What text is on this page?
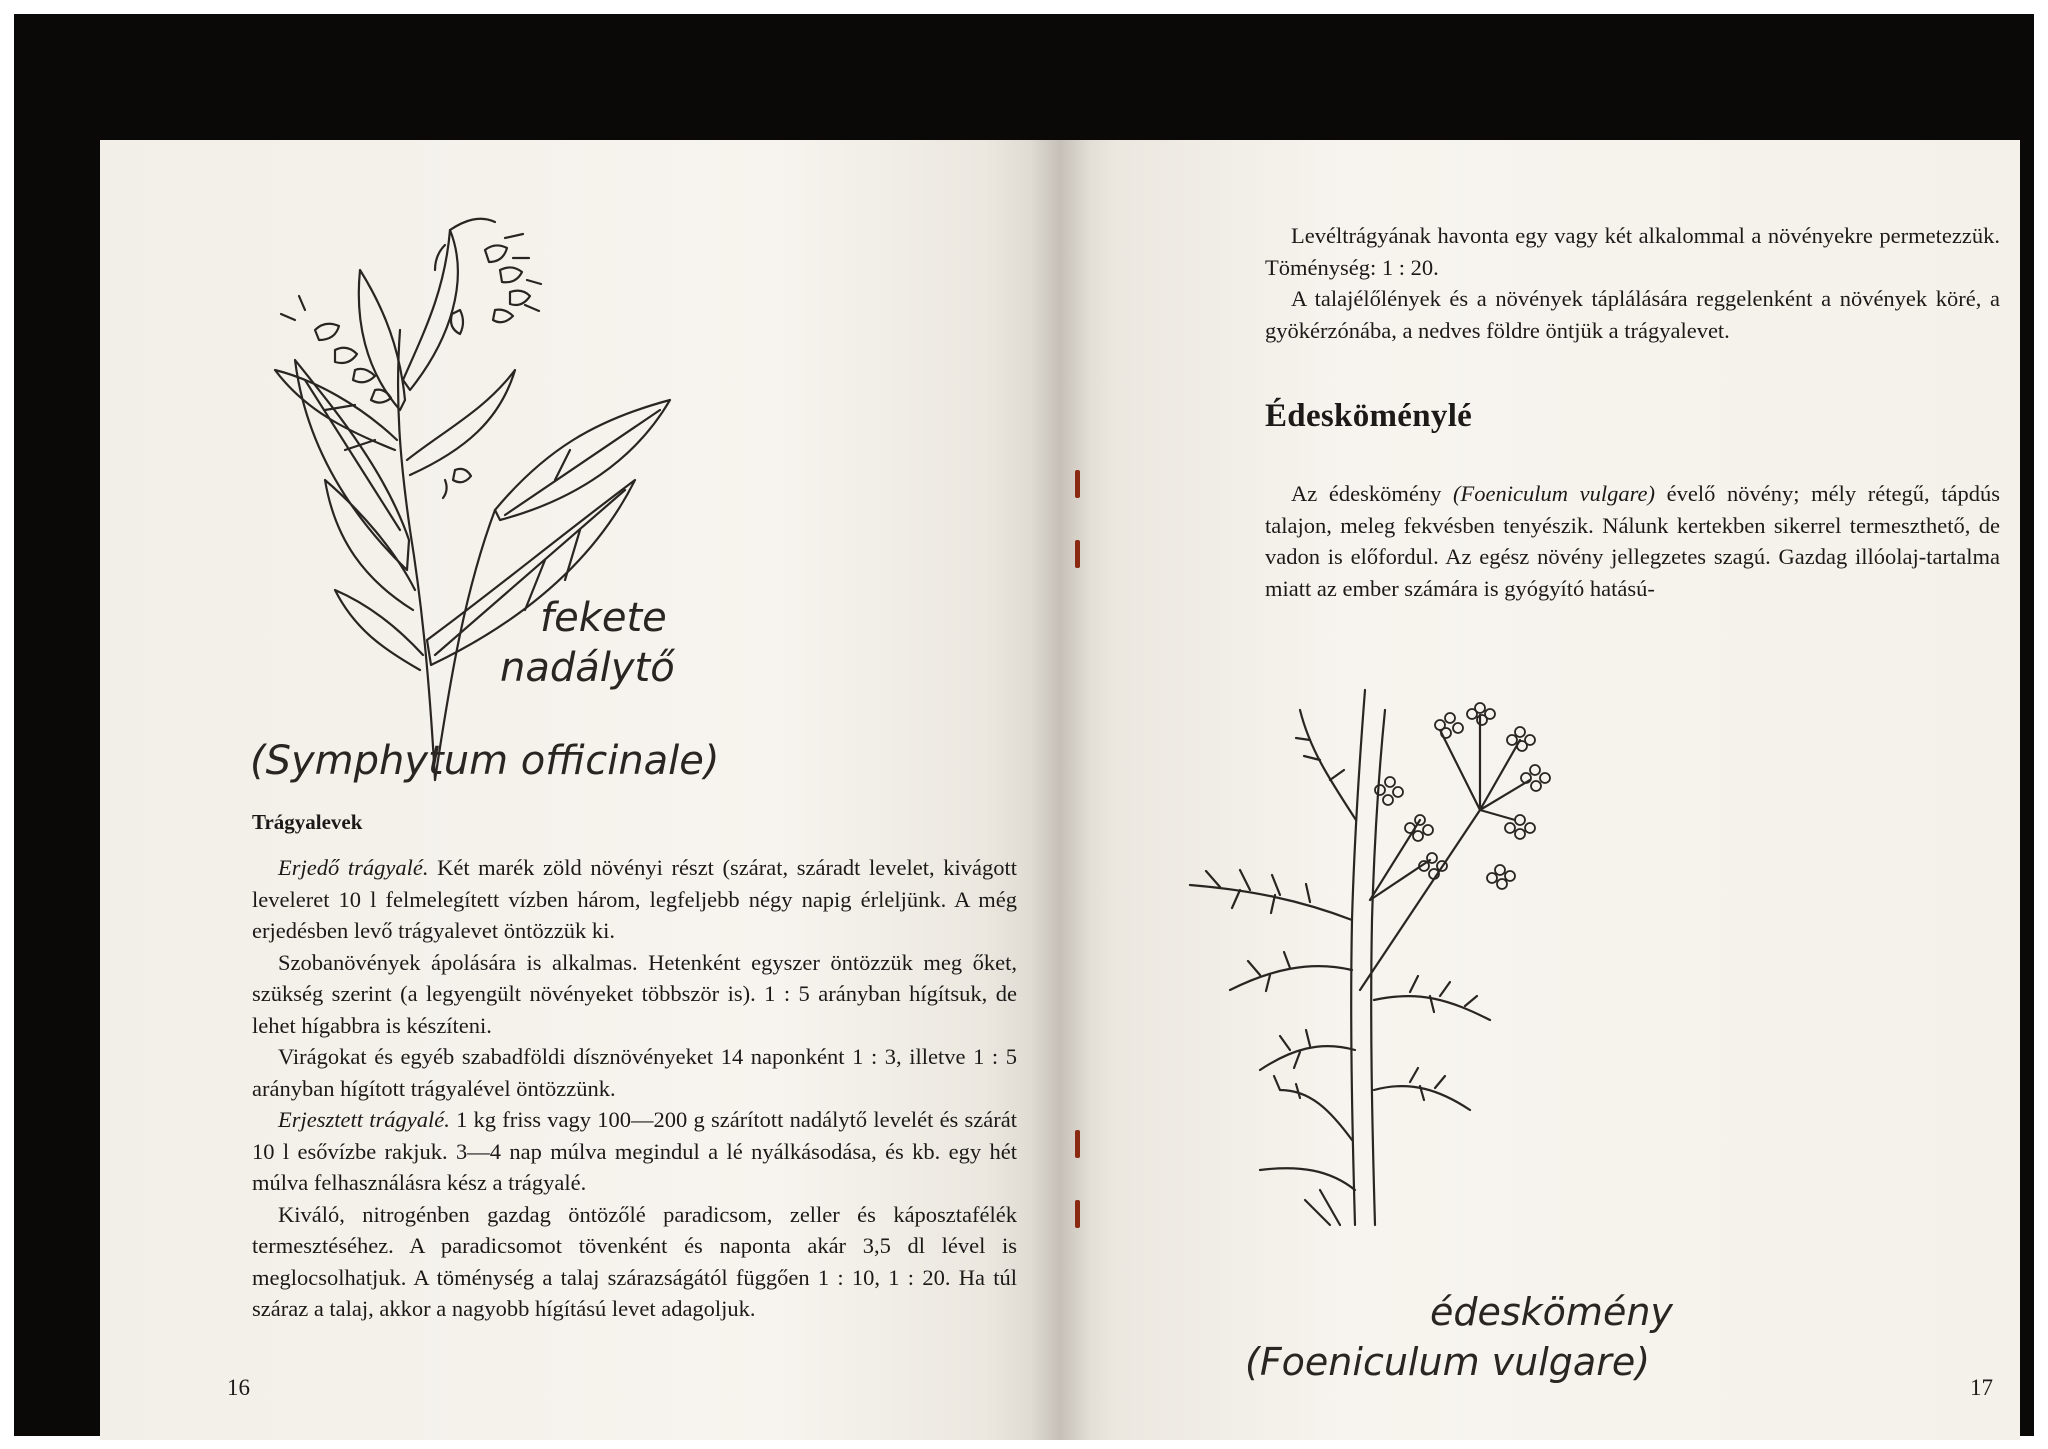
fekete
nadálytő
(Symphytum officinale)
Trágyalevek

Erjedő trágyalé. Két marék zöld növényi részt (szárat, száradt levelet, kivágott leveleret 10 l felmelegített vízben három, legfeljebb négy napig érleljünk. A még erjedésben levő trágyalevet öntözzük ki.

Szobanövények ápolására is alkalmas. Hetenként egyszer öntözzük meg őket, szükség szerint (a legyengült növényeket többször is). 1 : 5 arányban hígítsuk, de lehet hígabbra is készíteni.

Virágokat és egyéb szabadföldi dísznövényeket 14 naponként 1 : 3, illetve 1 : 5 arányban hígított trágyalével öntözzünk.

Erjesztett trágyalé. 1 kg friss vagy 100—200 g szárított nadálytő levelét és szárát 10 l esővízbe rakjuk. 3—4 nap múlva megindul a lé nyálkásodása, és kb. egy hét múlva felhasználásra kész a trágyalé.

Kiváló, nitrogénben gazdag öntözőlé paradicsom, zeller és káposztafélék termesztéséhez. A paradicsomot tövenként és naponta akár 3,5 dl lével is meglocsolhatjuk. A töménység a talaj szárazságától függően 1 : 10, 1 : 20. Ha túl száraz a talaj, akkor a nagyobb hígítású levet adagoljuk.

16

Levéltrágyának havonta egy vagy két alkalommal a növényekre permetezzük. Töménység: 1 : 20.

A talajélőlények és a növények táplálására reggelenként a növények köré, a gyökérzónába, a nedves földre öntjük a trágyalevet.

Édesköménylé

Az édeskömény (Foeniculum vulgare) évelő növény; mély rétegű, tápdús talajon, meleg fekvésben tenyészik. Nálunk kertekben sikerrel termeszthető, de vadon is előfordul. Az egész növény jellegzetes szagú. Gazdag illóolaj-tartalma miatt az ember számára is gyógyító hatású-

édeskömény
(Foeniculum vulgare)
17
